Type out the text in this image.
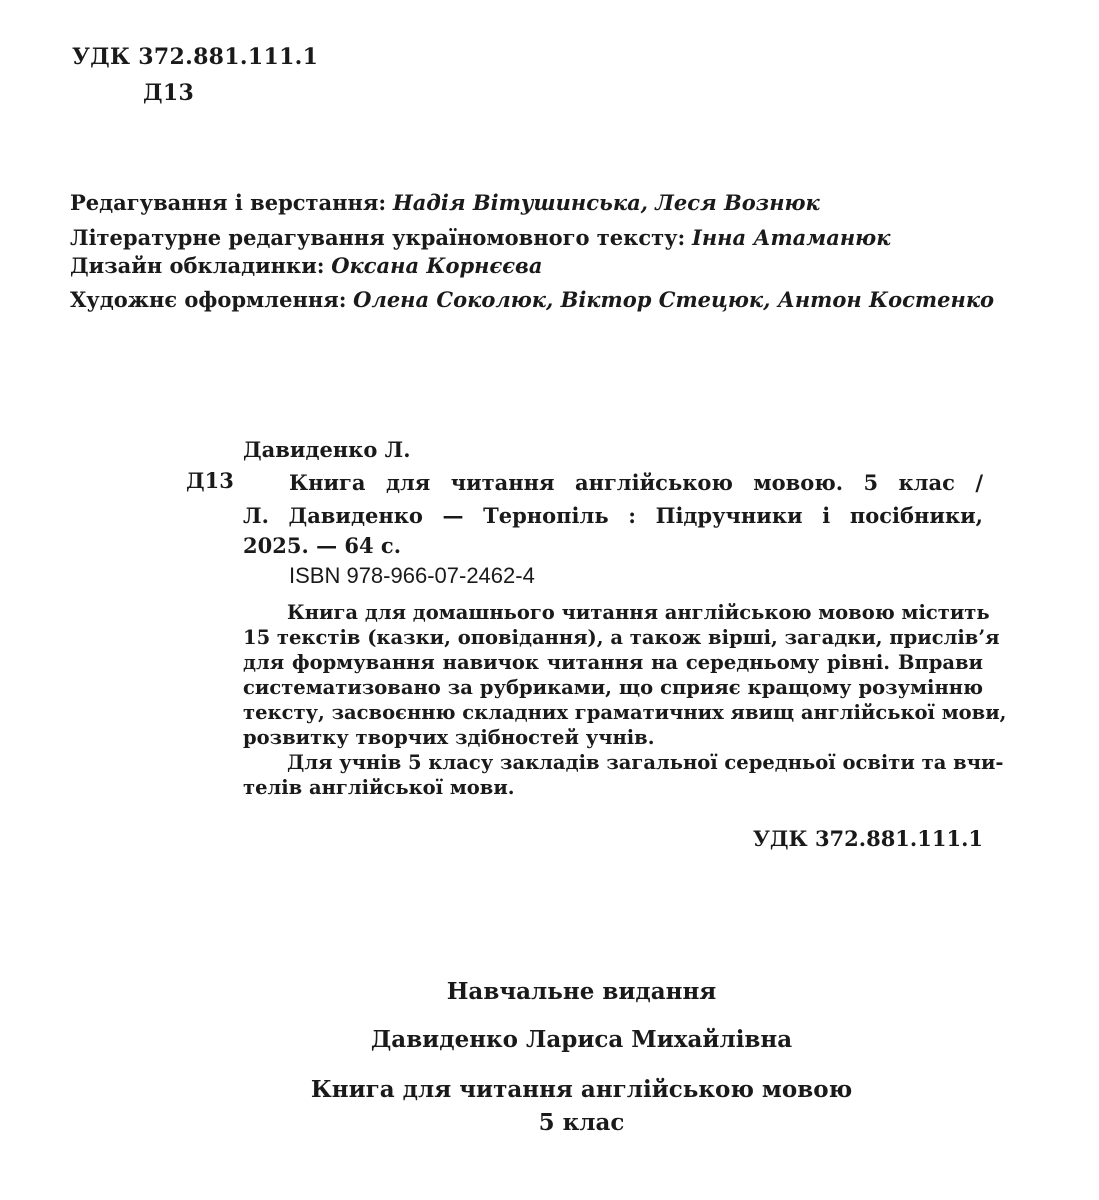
УДК 372.881.111.1
Д13
Редагування і верстання: Надія Вітушинська, Леся Вознюк
Літературне редагування україномовного тексту: Інна Атаманюк
Дизайн обкладинки: Оксана Корнєєва
Художнє оформлення: Олена Соколюк, Віктор Стецюк, Антон Костенко
Давиденко Л.
Д13	Книга для читання англійською мовою. 5 клас /
Л. Давиденко — Тернопіль : Підручники і посібники,
2025. — 64 с.
ISBN 978-966-07-2462-4
Книга для домашнього читання англійською мовою містить
15 текстів (казки, оповідання), а також вірші, загадки, прислів’я
для формування навичок читання на середньому рівні. Вправи
систематизовано за рубриками, що сприяє кращому розумінню
тексту, засвоєнню складних граматичних явищ англійської мови,
розвитку творчих здібностей учнів.
Для учнів 5 класу закладів загальної середньої освіти та вчи-
телів англійської мови.
УДК 372.881.111.1
Навчальне видання
Давиденко Лариса Михайлівна
Книга для читання англійською мовою
5 клас
